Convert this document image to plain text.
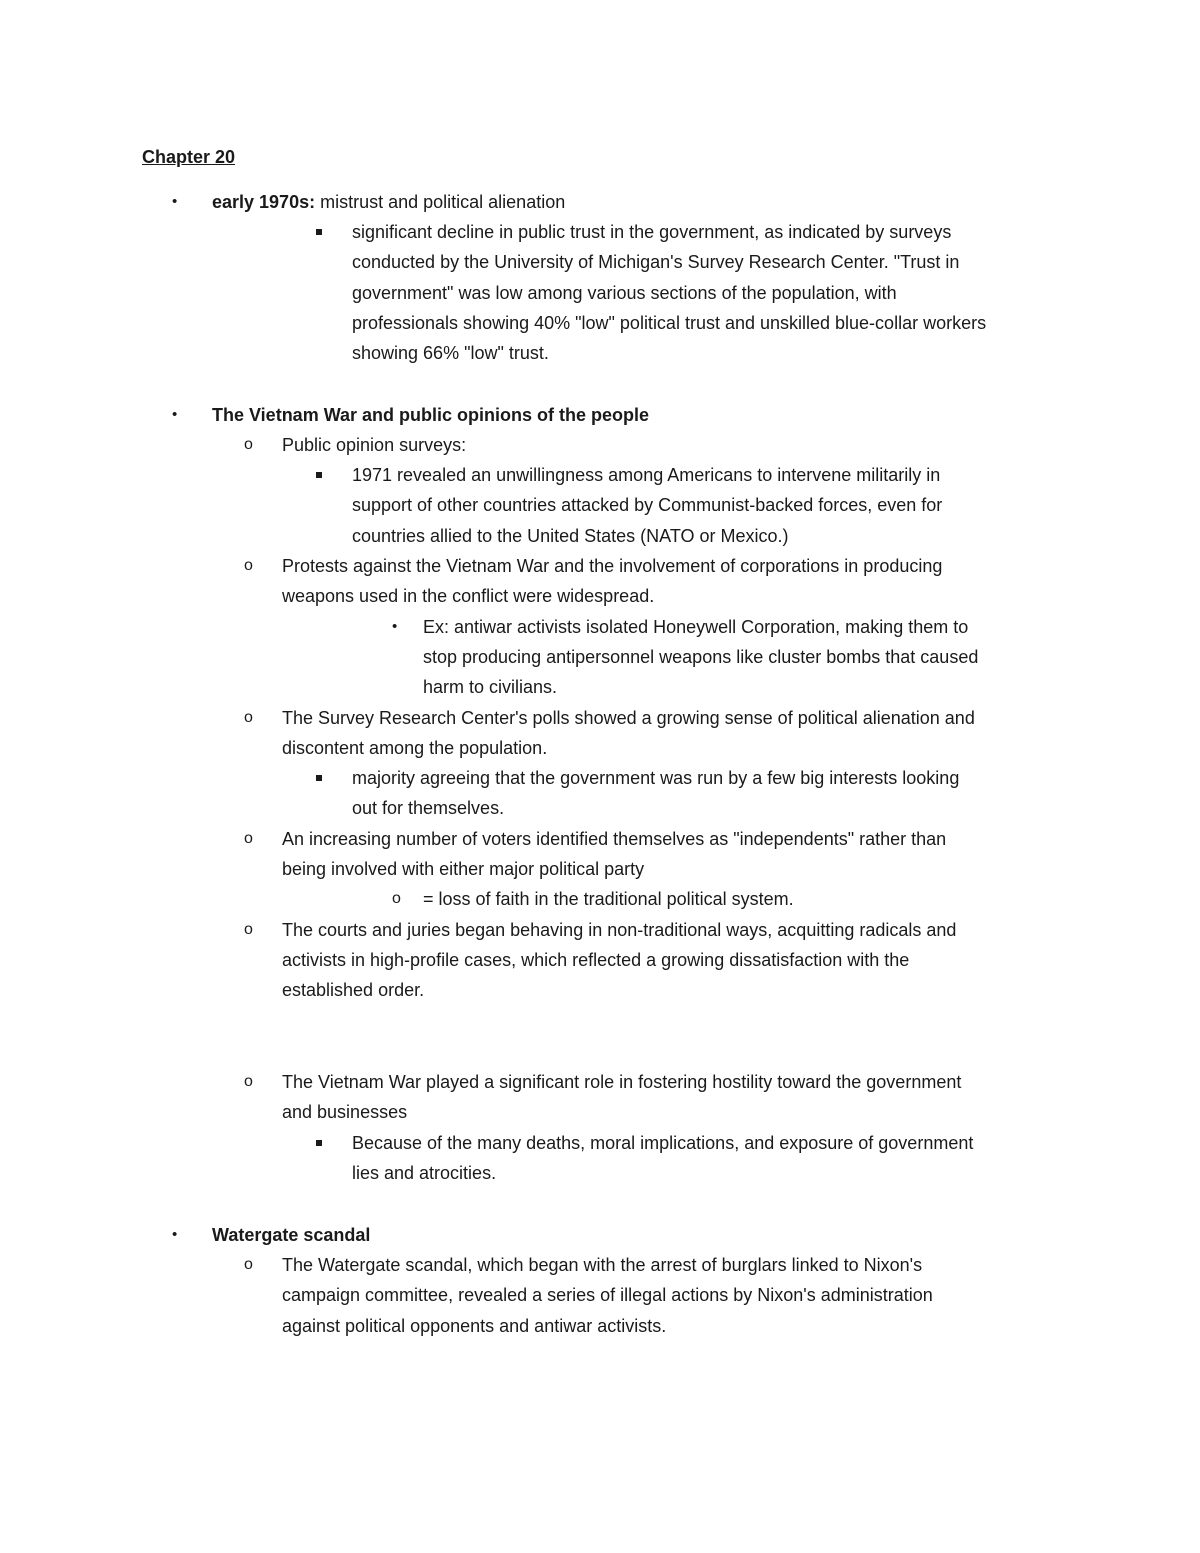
Chapter 20
• early 1970s: mistrust and political alienation
significant decline in public trust in the government, as indicated by surveys
conducted by the University of Michigan's Survey Research Center. "Trust in
government" was low among various sections of the population, with
professionals showing 40% "low" political trust and unskilled blue-collar workers
showing 66% "low" trust.
• The Vietnam War and public opinions of the people
o Public opinion surveys:
1971 revealed an unwillingness among Americans to intervene militarily in
support of other countries attacked by Communist-backed forces, even for
countries allied to the United States (NATO or Mexico.)
o Protests against the Vietnam War and the involvement of corporations in producing
weapons used in the conflict were widespread.
• Ex: antiwar activists isolated Honeywell Corporation, making them to
stop producing antipersonnel weapons like cluster bombs that caused
harm to civilians.
o The Survey Research Center's polls showed a growing sense of political alienation and
discontent among the population.
majority agreeing that the government was run by a few big interests looking
out for themselves.
o An increasing number of voters identified themselves as "independents" rather than
being involved with either major political party
o = loss of faith in the traditional political system.
o The courts and juries began behaving in non-traditional ways, acquitting radicals and
activists in high-profile cases, which reflected a growing dissatisfaction with the
established order.
o The Vietnam War played a significant role in fostering hostility toward the government
and businesses
Because of the many deaths, moral implications, and exposure of government
lies and atrocities.
• Watergate scandal
o The Watergate scandal, which began with the arrest of burglars linked to Nixon's
campaign committee, revealed a series of illegal actions by Nixon's administration
against political opponents and antiwar activists.
